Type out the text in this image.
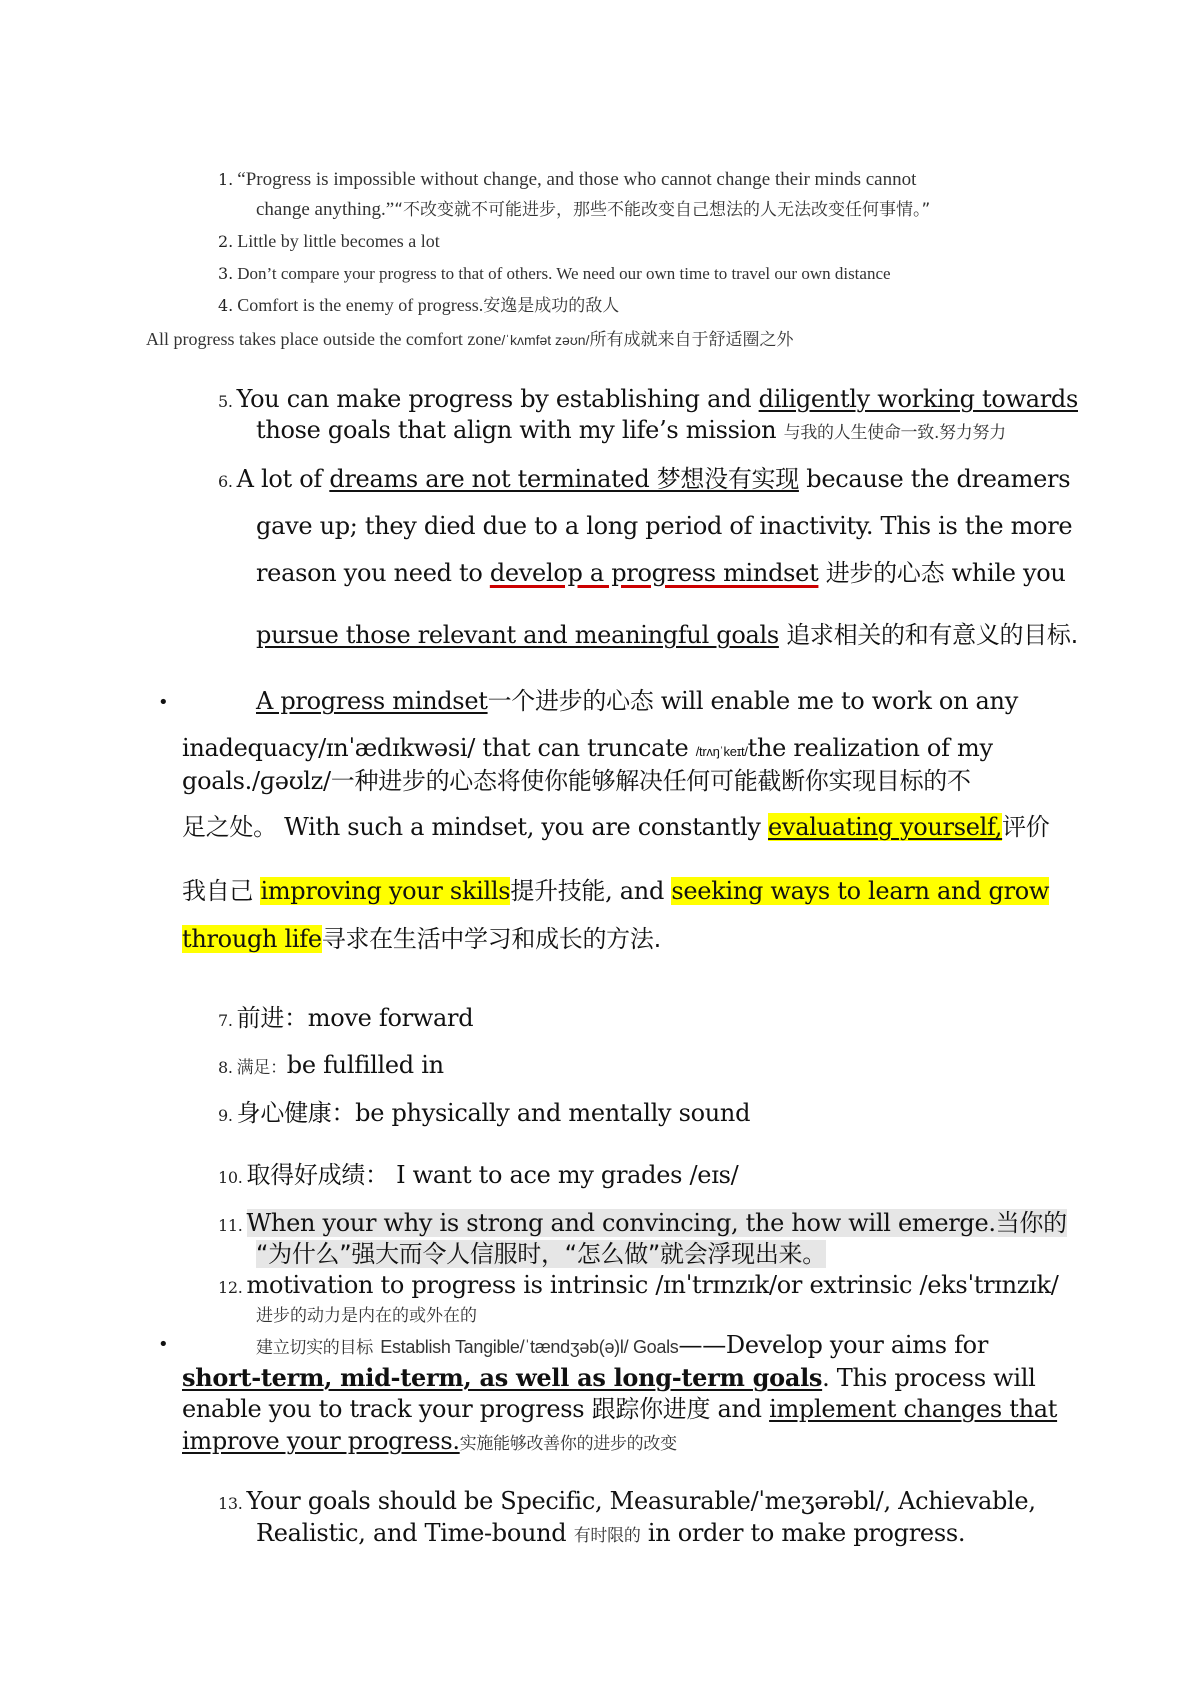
1. “Progress is impossible without change, and those who cannot change their minds cannot
change anything.”“不改变就不可能进步，那些不能改变自己想法的人无法改变任何事情。”
2. Little by little becomes a lot
3. Don’t compare your progress to that of others. We need our own time to travel our own distance
4. Comfort is the enemy of progress.安逸是成功的敌人
All progress takes place outside the comfort zone/ˈkʌmfət zəʊn/所有成就来自于舒适圈之外
5. You can make progress by establishing and diligently working towards
those goals that align with my life’s mission 与我的人生使命一致.努力努力
6. A lot of dreams are not terminated 梦想没有实现 because the dreamers
gave up; they died due to a long period of inactivity. This is the more
reason you need to develop a progress mindset 进步的心态 while you
pursue those relevant and meaningful goals 追求相关的和有意义的目标.
•	A progress mindset一个进步的心态 will enable me to work on any
inadequacy/ɪnˈædɪkwəsi/ that can truncate /trʌŋˈkeɪt/the realization of my
goals./ɡəʊlz/一种进步的心态将使你能够解决任何可能截断你实现目标的不
足之处。 With such a mindset, you are constantly evaluating yourself,评价
我自己 improving your skills提升技能, and seeking ways to learn and grow
through life寻求在生活中学习和成长的方法.
7. 前进：move forward
8. 满足：be fulfilled in
9. 身心健康：be physically and mentally sound
10. 取得好成绩： I want to ace my grades /eɪs/
11. When your why is strong and convincing, the how will emerge.当你的
“为什么”强大而令人信服时，“怎么做”就会浮现出来。
12. motivation to progress is intrinsic /ɪnˈtrɪnzɪk/or extrinsic /eksˈtrɪnzɪk/
进步的动力是内在的或外在的
•	建立切实的目标 Establish Tangible/ˈtændʒəb(ə)l/ Goals——Develop your aims for
short-term, mid-term, as well as long-term goals. This process will
enable you to track your progress 跟踪你进度 and implement changes that
improve your progress.实施能够改善你的进步的改变
13. Your goals should be Specific, Measurable/ˈmeʒərəbl/, Achievable,
Realistic, and Time-bound 有时限的 in order to make progress.
